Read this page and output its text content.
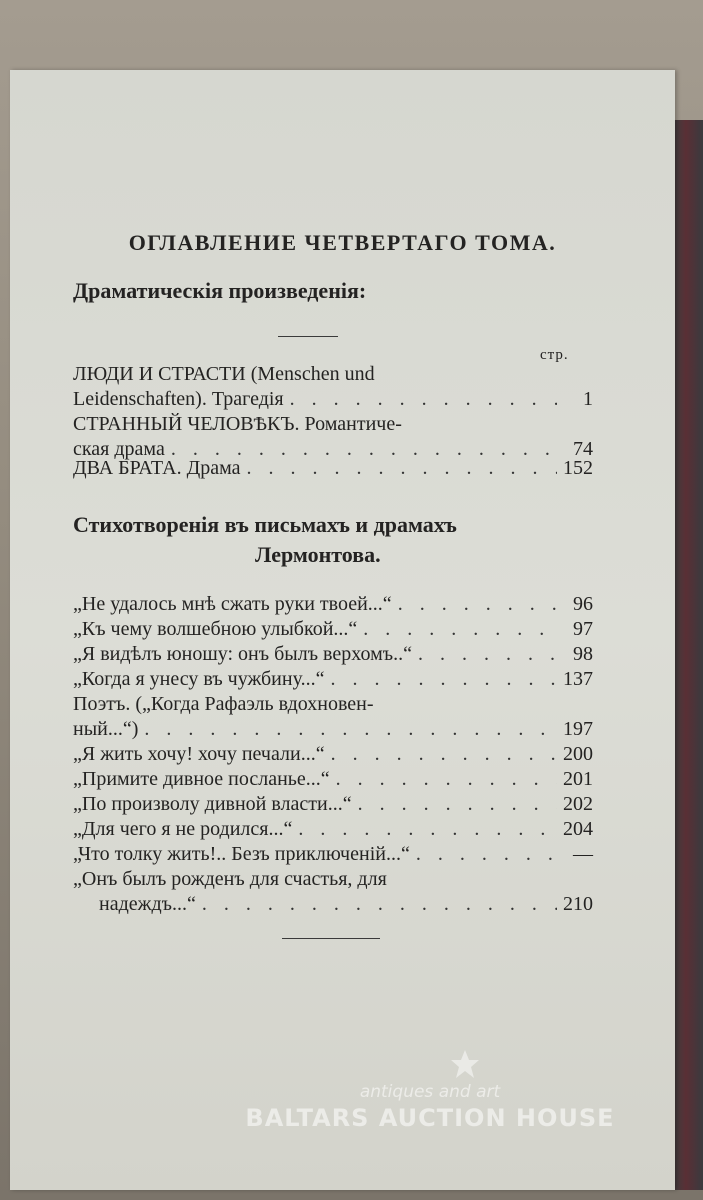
ОГЛАВЛЕНИЕ ЧЕТВЕРТАГО ТОМА.
Драматическія произведенія:
стр.
ЛЮДИ И СТРАСТИ (Menschen und
Leidenschaften). Трагедія . . .	1
СТРАННЫЙ ЧЕЛОВѢКЪ. Романтиче-
ская драма . . .	74
ДВА БРАТА. Драма . . .	152
Стихотворенія въ письмахъ и драмахъ
Лермонтова.
„Не удалось мнѣ сжать руки твоей...“ . . .	96
„Къ чему волшебною улыбкой...“ . . .	97
„Я видѣлъ юношу: онъ былъ верхомъ..“ . . .	98
„Когда я унесу въ чужбину...“ . . .	137
Поэтъ. („Когда Рафаэль вдохновен-
ный...“) . . .	197
„Я жить хочу! хочу печали...“ . . .	200
„Примите дивное посланье...“ . . .	201
„По произволу дивной власти...“ . . .	202
„Для чего я не родился...“ . . .	204
„Что толку жить!.. Безъ приключеній...“ . . .	—
„Онъ былъ рожденъ для счастья, для
надеждъ...“ . . .	210
antiques and art
BALTARS AUCTION HOUSE
